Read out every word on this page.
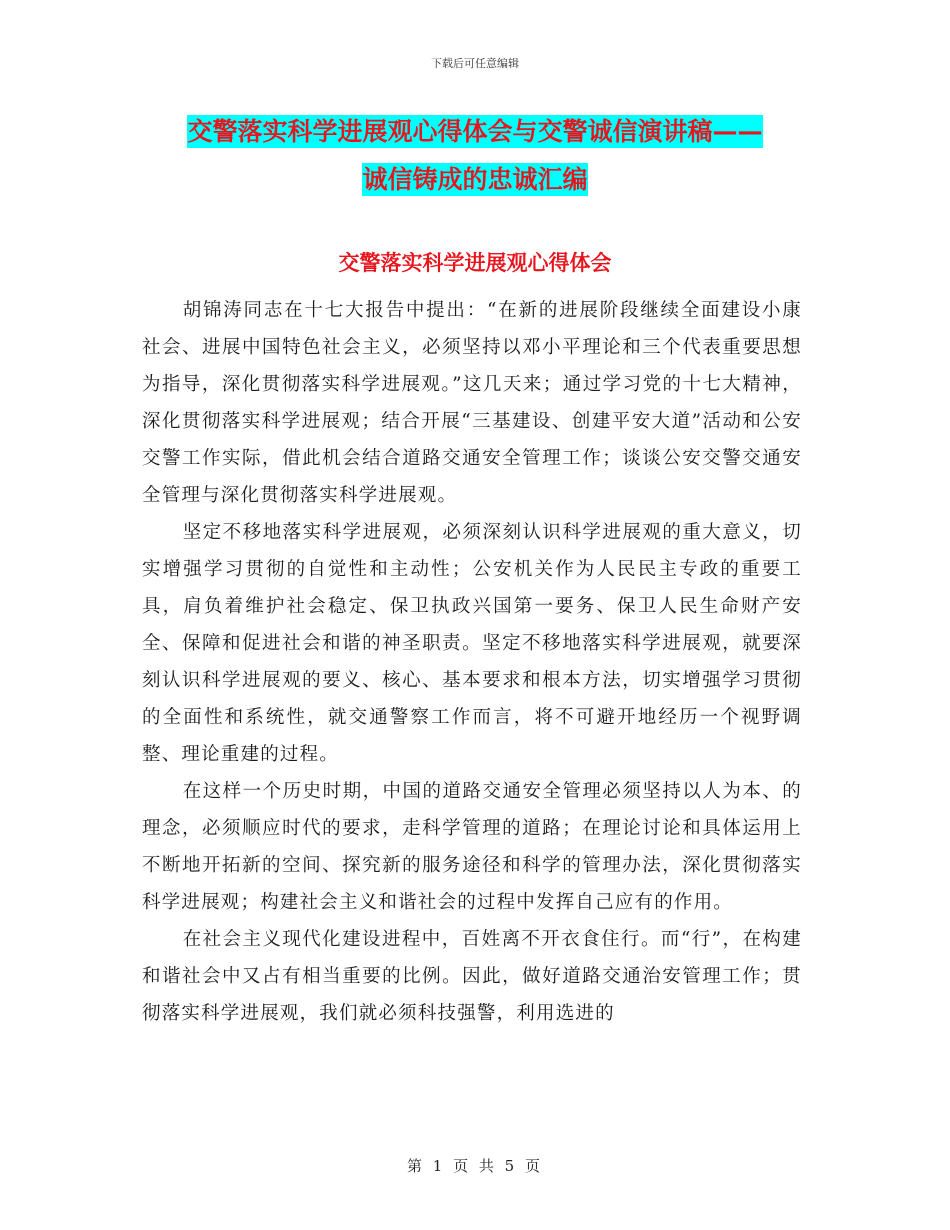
下载后可任意编辑
交警落实科学进展观心得体会与交警诚信演讲稿——
诚信铸成的忠诚汇编
交警落实科学进展观心得体会

胡锦涛同志在十七大报告中提出：“在新的进展阶段继续全面建设小康社会、进展中国特色社会主义，必须坚持以邓小平理论和三个代表重要思想为指导，深化贯彻落实科学进展观。”这几天来；通过学习党的十七大精神，深化贯彻落实科学进展观；结合开展“三基建设、创建平安大道”活动和公安交警工作实际，借此机会结合道路交通安全管理工作；谈谈公安交警交通安全管理与深化贯彻落实科学进展观。

坚定不移地落实科学进展观，必须深刻认识科学进展观的重大意义，切实增强学习贯彻的自觉性和主动性；公安机关作为人民民主专政的重要工具，肩负着维护社会稳定、保卫执政兴国第一要务、保卫人民生命财产安全、保障和促进社会和谐的神圣职责。坚定不移地落实科学进展观，就要深刻认识科学进展观的要义、核心、基本要求和根本方法，切实增强学习贯彻的全面性和系统性，就交通警察工作而言，将不可避开地经历一个视野调整、理论重建的过程。

在这样一个历史时期，中国的道路交通安全管理必须坚持以人为本、的理念，必须顺应时代的要求，走科学管理的道路；在理论讨论和具体运用上不断地开拓新的空间、探究新的服务途径和科学的管理办法，深化贯彻落实科学进展观；构建社会主义和谐社会的过程中发挥自己应有的作用。

在社会主义现代化建设进程中，百姓离不开衣食住行。而“行”，在构建和谐社会中又占有相当重要的比例。因此，做好道路交通治安管理工作；贯彻落实科学进展观，我们就必须科技强警，利用选进的

第 1 页 共 5 页
